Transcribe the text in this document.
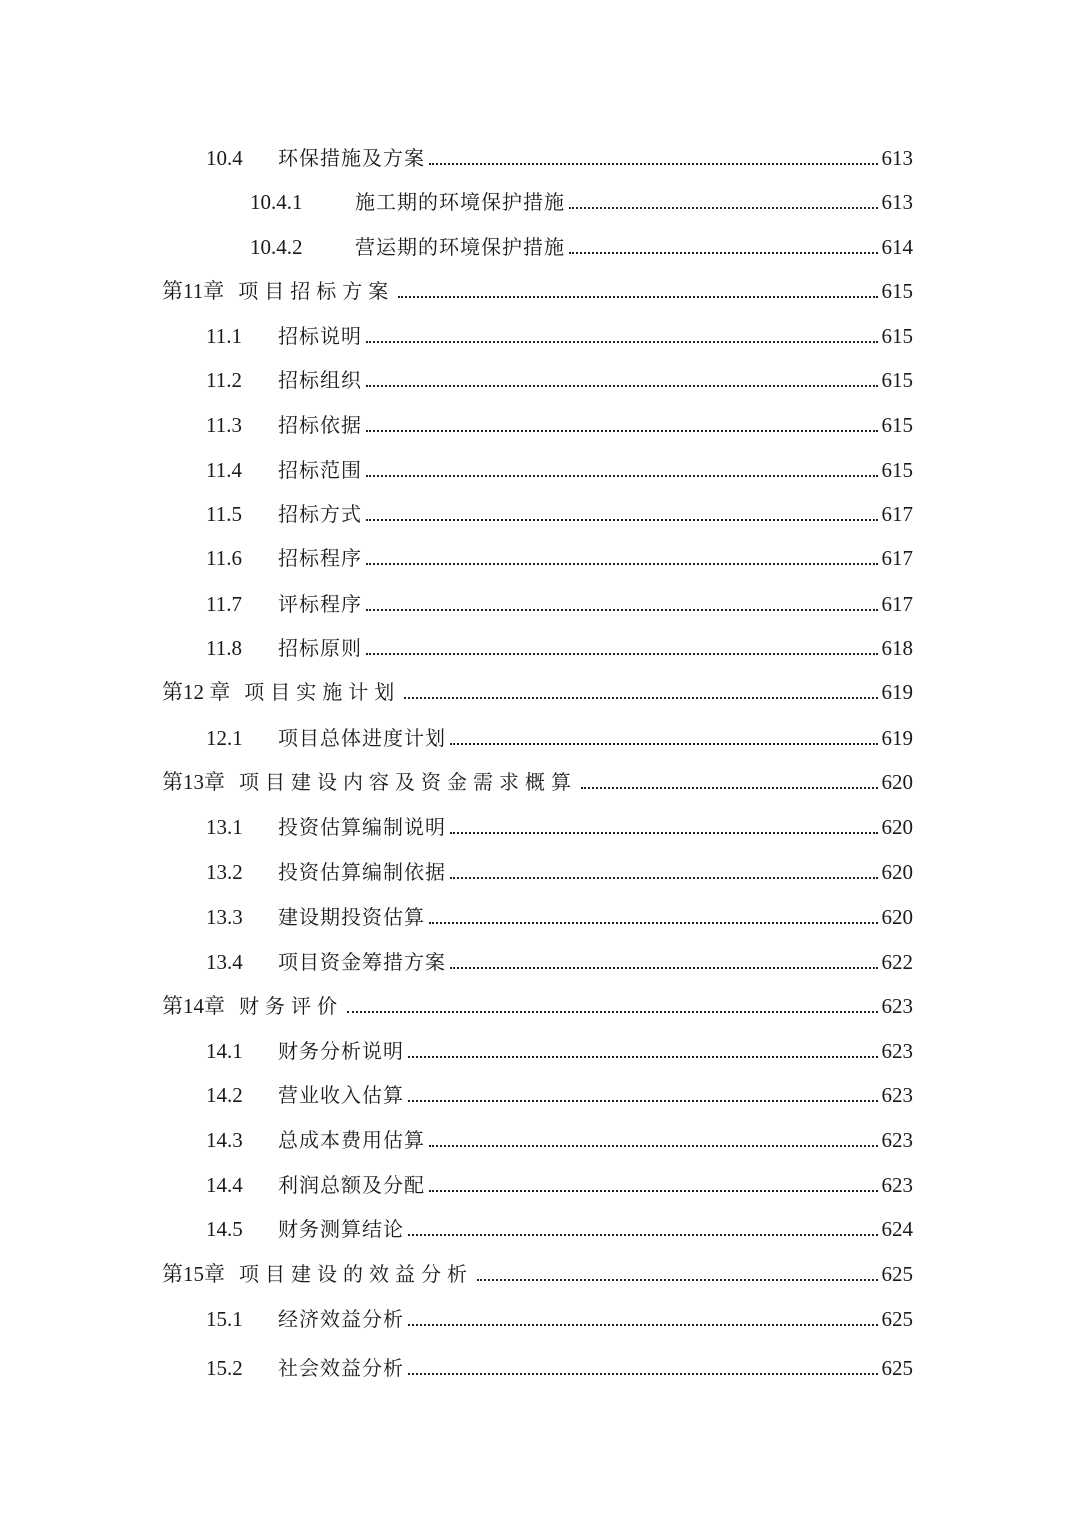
10.4	环保措施及方案	613
10.4.1	施工期的环境保护措施	613
10.4.2	营运期的环境保护措施	614
第11章 项目招标方案	615
11.1	招标说明	615
11.2	招标组织	615
11.3	招标依据	615
11.4	招标范围	615
11.5	招标方式	617
11.6	招标程序	617
11.7	评标程序	617
11.8	招标原则	618
第12 章 项目实施计划	619
12.1	项目总体进度计划	619
第13章 项目建设内容及资金需求概算	620
13.1	投资估算编制说明	620
13.2	投资估算编制依据	620
13.3	建设期投资估算	620
13.4	项目资金筹措方案	622
第14章 财务评价	623
14.1	财务分析说明	623
14.2	营业收入估算	623
14.3	总成本费用估算	623
14.4	利润总额及分配	623
14.5	财务测算结论	624
第15章 项目建设的效益分析	625
15.1	经济效益分析	625
15.2	社会效益分析	625
